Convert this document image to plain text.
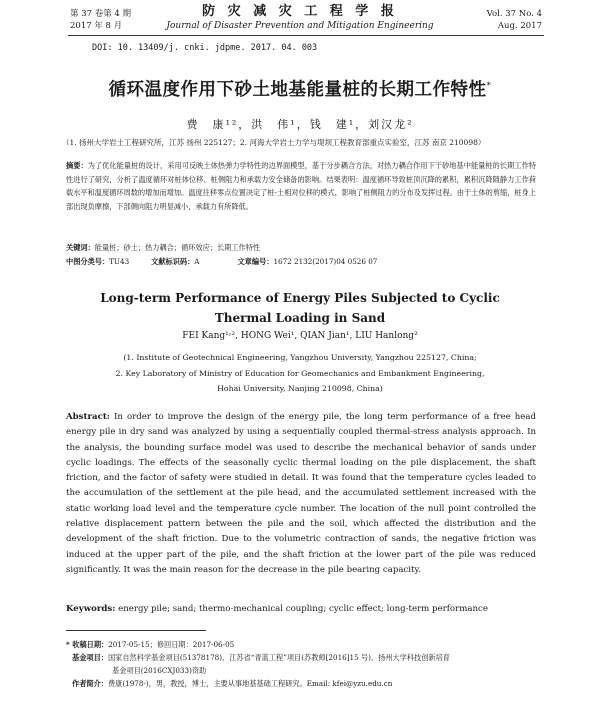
第 37 卷第 4 期
2017 年 8 月
防 灾 减 灾 工 程 学 报
Journal of Disaster Prevention and Mitigation Engineering
Vol. 37 No. 4
Aug. 2017
DOI: 10. 13409/j. cnki. jdpme. 2017. 04. 003
循环温度作用下砂土地基能量桩的长期工作特性*
费　康¹²，洪　伟¹，钱　建¹，刘汉龙²
（1. 扬州大学岩土工程研究所，江苏 扬州 225127；2. 河海大学岩土力学与堤坝工程教育部重点实验室，江苏 南京 210098）
摘要：为了优化能量桩的设计，采用可反映土体热弹力学特性的边界面模型，基于分步耦合方法，对热力耦合作用下干砂地基中能量桩的长期工作特性进行了研究，分析了温度循环对桩体位移、桩侧阻力和承载力安全储备的影响。结果表明：温度循环导致桩顶沉降的累积，累积沉降随静力工作荷载水平和温度循环周数的增加而增加。温度往移零点位置决定了桩-土相对位移的模式，影响了桩侧阻力的分布及发挥过程。由于土体的剪缩，桩身上部出现负摩擦，下部侧向阻力明显减小，承载力有所降低。
关键词：能量桩；砂土；热力耦合；循环效应；长期工作特性
中图分类号：TU43	文献标识码：A	文章编号：1672 2132(2017)04 0526 07
Long-term Performance of Energy Piles Subjected to Cyclic
Thermal Loading in Sand
FEI Kang¹˒², HONG Wei¹, QIAN Jian¹, LIU Hanlong²
(1. Institute of Geotechnical Engineering, Yangzhou University, Yangzhou 225127, China;
2. Key Laboratory of Ministry of Education for Geomechanics and Embankment Engineering,
Hohai University, Nanjing 210098, China)
Abstract: In order to improve the design of the energy pile, the long term performance of a free head energy pile in dry sand was analyzed by using a sequentially coupled thermal-stress analysis approach. In the analysis, the bounding surface model was used to describe the mechanical behavior of sands under cyclic loadings. The effects of the seasonally cyclic thermal loading on the pile displacement, the shaft friction, and the factor of safety were studied in detail. It was found that the temperature cycles leaded to the accumulation of the settlement at the pile head, and the accumulated settlement increased with the static working load level and the temperature cycle number. The location of the null point controlled the relative displacement pattern between the pile and the soil, which affected the distribution and the development of the shaft friction. Due to the volumetric contraction of sands, the negative friction was induced at the upper part of the pile, and the shaft friction at the lower part of the pile was reduced significantly. It was the main reason for the decrease in the pile bearing capacity.
Keywords: energy pile; sand; thermo-mechanical coupling; cyclic effect; long-term performance
* 收稿日期：2017-05-15；修回日期：2017-06-05
基金项目：国家自然科学基金项目(51378178)、江苏省“青蓝工程”项目(苏教师[2016]15 号)、扬州大学科技创新培育
基金项目(2016CXJ033)资助
作者简介：费康(1978-)，男，教授，博士，主要从事地基基础工程研究。Email: kfei@yzu.edu.cn
